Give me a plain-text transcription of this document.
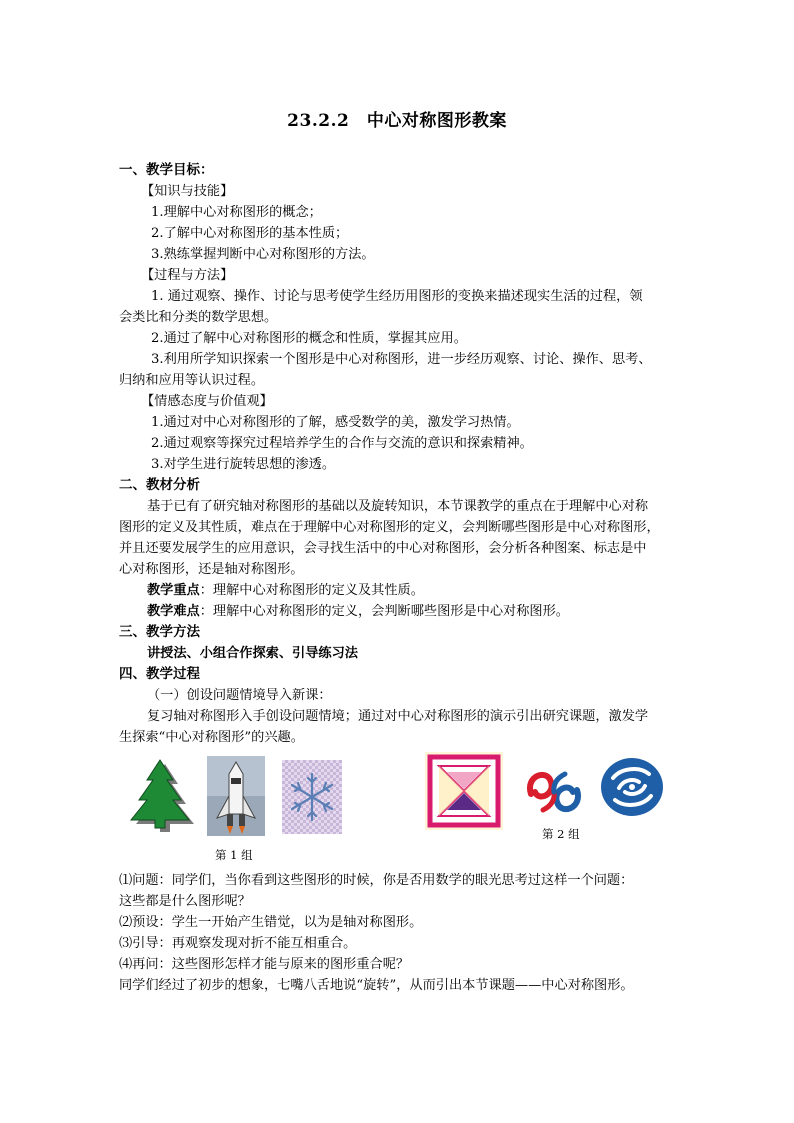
23.2.2　中心对称图形教案
一、教学目标：
【知识与技能】
1.理解中心对称图形的概念；
2.了解中心对称图形的基本性质；
3.熟练掌握判断中心对称图形的方法。
【过程与方法】
1. 通过观察、操作、讨论与思考使学生经历用图形的变换来描述现实生活的过程，领
会类比和分类的数学思想。
2.通过了解中心对称图形的概念和性质，掌握其应用。
3.利用所学知识探索一个图形是中心对称图形，进一步经历观察、讨论、操作、思考、
归纳和应用等认识过程。
【情感态度与价值观】
1.通过对中心对称图形的了解，感受数学的美，激发学习热情。
2.通过观察等探究过程培养学生的合作与交流的意识和探索精神。
3.对学生进行旋转思想的渗透。
二、教材分析
基于已有了研究轴对称图形的基础以及旋转知识，本节课教学的重点在于理解中心对称
图形的定义及其性质，难点在于理解中心对称图形的定义，会判断哪些图形是中心对称图形，
并且还要发展学生的应用意识，会寻找生活中的中心对称图形，会分析各种图案、标志是中
心对称图形，还是轴对称图形。
教学重点：理解中心对称图形的定义及其性质。
教学难点：理解中心对称图形的定义，会判断哪些图形是中心对称图形。
三、教学方法
讲授法、小组合作探索、引导练习法
四、教学过程
（一）创设问题情境导入新课：
复习轴对称图形入手创设问题情境；通过对中心对称图形的演示引出研究课题，激发学
生探索“中心对称图形”的兴趣。
第 1 组
第 2 组
⑴问题：同学们，当你看到这些图形的时候，你是否用数学的眼光思考过这样一个问题：
这些都是什么图形呢？
⑵预设：学生一开始产生错觉，以为是轴对称图形。
⑶引导：再观察发现对折不能互相重合。
⑷再问：这些图形怎样才能与原来的图形重合呢？
同学们经过了初步的想象，七嘴八舌地说“旋转”，从而引出本节课题——中心对称图形。
